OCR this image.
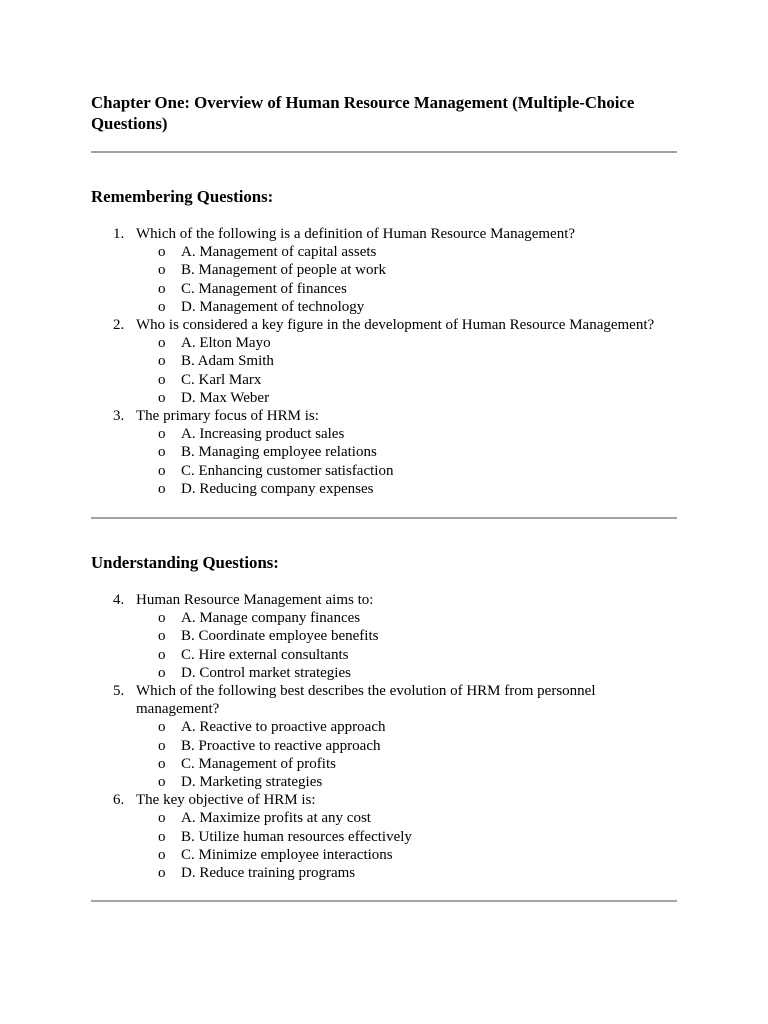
Chapter One: Overview of Human Resource Management (Multiple-Choice Questions)
Remembering Questions:
1. Which of the following is a definition of Human Resource Management?
o A. Management of capital assets
o B. Management of people at work
o C. Management of finances
o D. Management of technology
2. Who is considered a key figure in the development of Human Resource Management?
o A. Elton Mayo
o B. Adam Smith
o C. Karl Marx
o D. Max Weber
3. The primary focus of HRM is:
o A. Increasing product sales
o B. Managing employee relations
o C. Enhancing customer satisfaction
o D. Reducing company expenses
Understanding Questions:
4. Human Resource Management aims to:
o A. Manage company finances
o B. Coordinate employee benefits
o C. Hire external consultants
o D. Control market strategies
5. Which of the following best describes the evolution of HRM from personnel management?
o A. Reactive to proactive approach
o B. Proactive to reactive approach
o C. Management of profits
o D. Marketing strategies
6. The key objective of HRM is:
o A. Maximize profits at any cost
o B. Utilize human resources effectively
o C. Minimize employee interactions
o D. Reduce training programs
